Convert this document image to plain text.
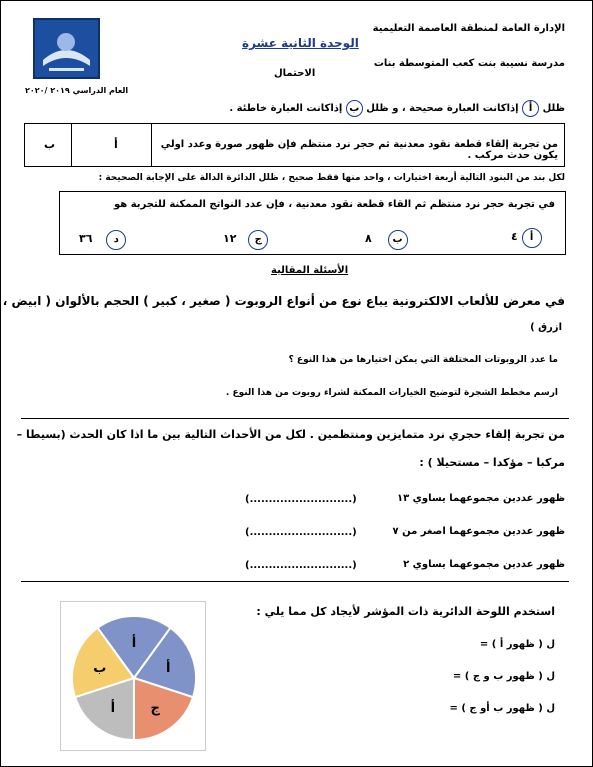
الوحدة الثانية عشرة
الاحتمال
الإدارة العامة لمنطقة العاصمة التعليمية
مدرسة نسيبة بنت كعب المتوسطة بنات
العام الدراسي ٢٠١٩ /٢٠٢٠
ظلل أ إذاكانت العبارة صحيحة ، و ظلل ب إذاكانت العبارة خاطئة .
من تجربة إلقاء قطعة نقود معدنية ثم حجر نرد منتظم فإن ظهور صورة وعدد اولي يكون حدث مركب .
أ
ب
لكل بند من البنود التالية أربعة اختيارات ، واحد منها فقط صحيح ، ظلل الدائرة الدالة على الإجابة الصحيحة :
في تجربة حجر نرد منتظم ثم القاء قطعة نقود معدنية ، فإن عدد النواتج الممكنة للتجربة هو
٤ أ
٨ ب
١٢ ج
٣٦ د
الأسئلة المقالية
في معرض للألعاب الالكترونية يباع نوع من أنواع الروبوت ( صغير ، كبير ) الحجم بالألوان ( ابيض ،
ازرق )
ما عدد الروبوتات المختلفة التي يمكن اختيارها من هذا النوع ؟
ارسم مخطط الشجرة لتوضيح الخيارات الممكنة لشراء روبوت من هذا النوع .
من تجربة إلقاء حجري نرد متمايزين ومنتظمين . لكل من الأحداث التالية بين ما اذا كان الحدث (بسيطا –
مركبا – مؤكدا – مستحيلا ) :
ظهور عددين مجموعهما يساوي ١٣
(...........................)
ظهور عددين مجموعهما اصغر من ٧
(...........................)
ظهور عددين مجموعهما يساوي ٢
(...........................)
أ
أ
ج
أ
ب
استخدم اللوحة الدائرية ذات المؤشر لأيجاد كل مما يلي :
ل ( ظهور أ ) =
ل ( ظهور ب و ج ) =
ل ( ظهور ب أو ج ) =
